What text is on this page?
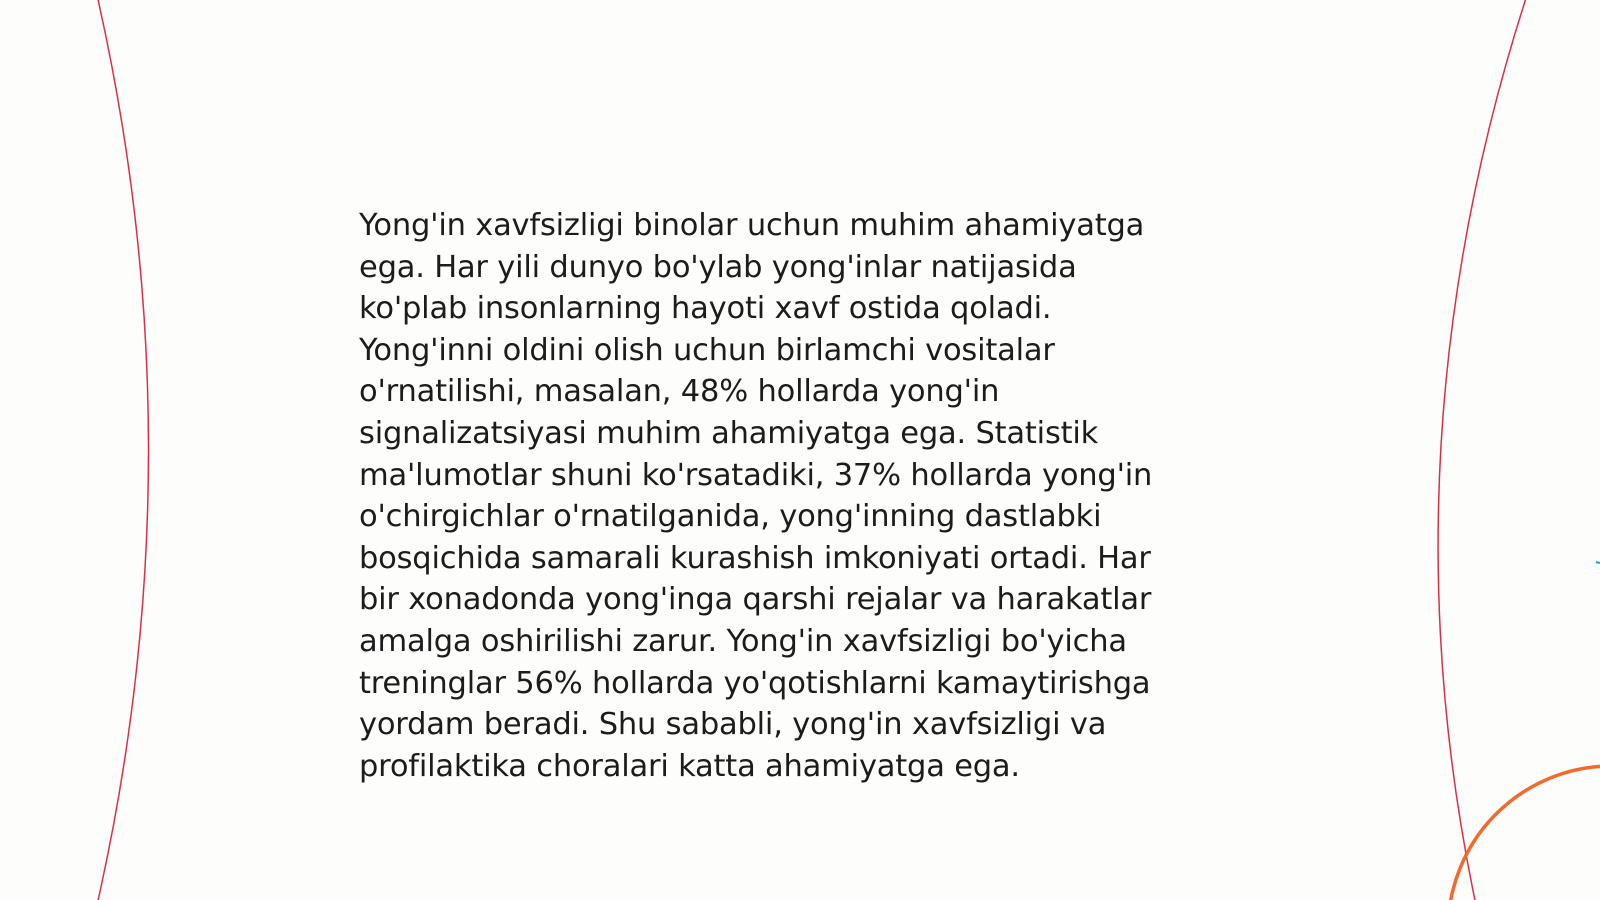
Yong'in xavfsizligi binolar uchun muhim ahamiyatga
ega. Har yili dunyo bo'ylab yong'inlar natijasida
ko'plab insonlarning hayoti xavf ostida qoladi.
Yong'inni oldini olish uchun birlamchi vositalar
o'rnatilishi, masalan, 48% hollarda yong'in
signalizatsiyasi muhim ahamiyatga ega. Statistik
ma'lumotlar shuni ko'rsatadiki, 37% hollarda yong'in
o'chirgichlar o'rnatilganida, yong'inning dastlabki
bosqichida samarali kurashish imkoniyati ortadi. Har
bir xonadonda yong'inga qarshi rejalar va harakatlar
amalga oshirilishi zarur. Yong'in xavfsizligi bo'yicha
treninglar 56% hollarda yo'qotishlarni kamaytirishga
yordam beradi. Shu sababli, yong'in xavfsizligi va
profilaktika choralari katta ahamiyatga ega.
